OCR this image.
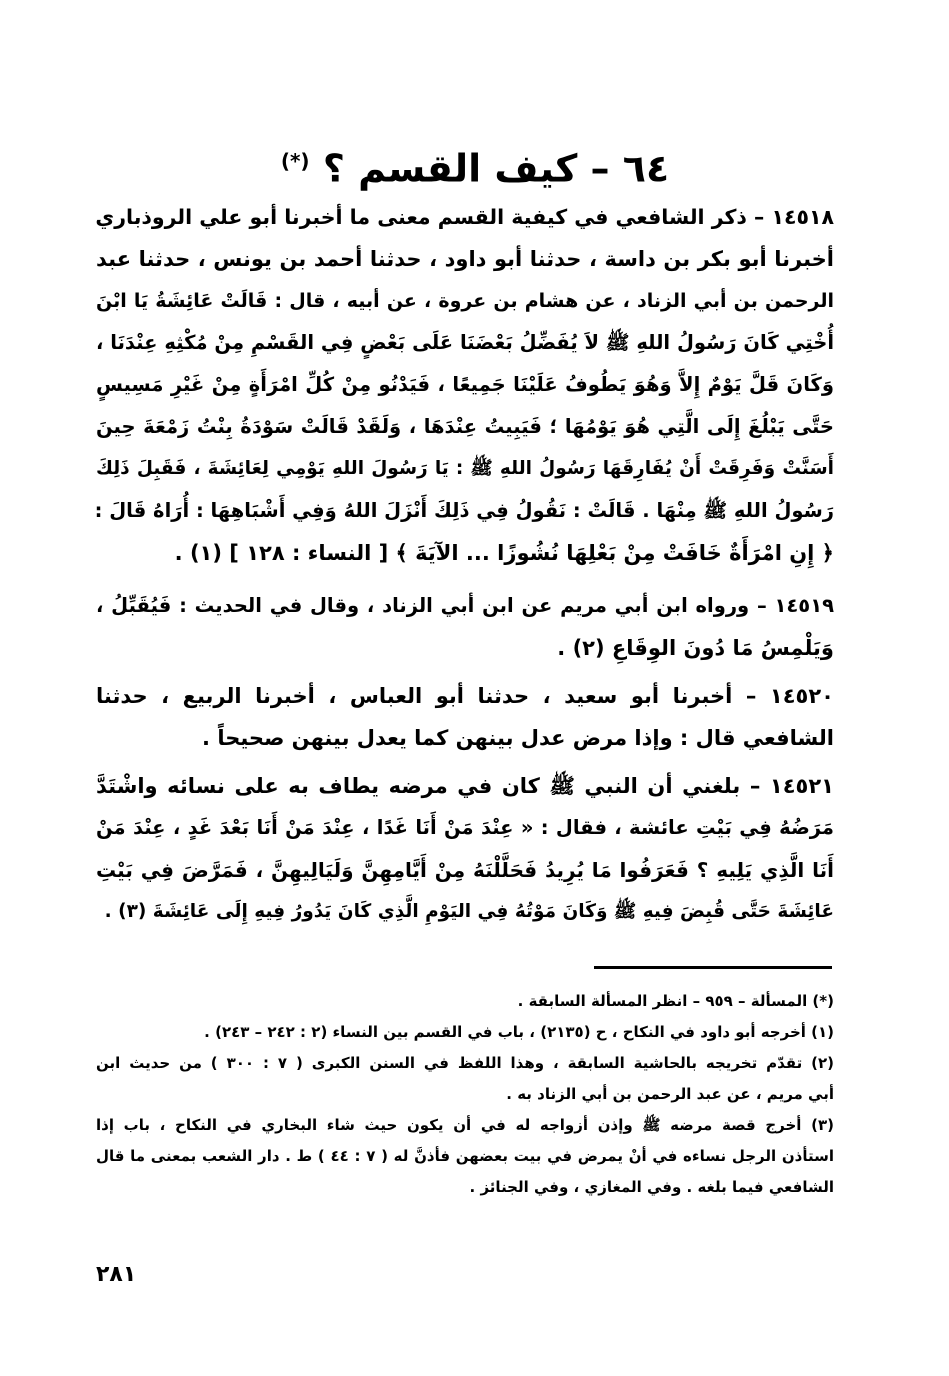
٦٤ – كيف القسم ؟ (*)
١٤٥١٨ – ذكر الشافعي في كيفية القسم معنى ما أخبرنا أبو علي الروذباري
أخبرنا أبو بكر بن داسة ، حدثنا أبو داود ، حدثنا أحمد بن يونس ، حدثنا عبد
الرحمن بن أبي الزناد ، عن هشام بن عروة ، عن أبيه ، قال : قَالَتْ عَائِشَةُ يَا ابْنَ
أُخْتِي كَانَ رَسُولُ اللهِ ﷺ لاَ يُفَضِّلُ بَعْضَنَا عَلَى بَعْضٍ فِي القَسْمِ مِنْ مُكْثِهِ عِنْدَنَا ،
وَكَانَ قَلَّ يَوْمٌ إِلاَّ وَهُوَ يَطُوفُ عَلَيْنَا جَمِيعًا ، فَيَدْنُو مِنْ كُلِّ امْرَأَةٍ مِنْ غَيْرِ مَسِيسٍ
حَتَّى يَبْلُغَ إِلَى الَّتِي هُوَ يَوْمُهَا ؛ فَيَبِيتُ عِنْدَهَا ، وَلَقَدْ قَالَتْ سَوْدَةُ بِنْتُ زَمْعَةَ حِينَ
أَسَنَّتْ وَفَرِقَتْ أَنْ يُفَارِقَهَا رَسُولُ اللهِ ﷺ : يَا رَسُولَ اللهِ يَوْمِي لِعَائِشَةَ ، فَقَبِلَ ذَلِكَ
رَسُولُ اللهِ ﷺ مِنْهَا . قَالَتْ : نَقُولُ فِي ذَلِكَ أَنْزَلَ اللهُ وَفِي أَشْبَاهِهَا : أُرَاهُ قَالَ :
﴿ إِنِ امْرَأَةٌ خَافَتْ مِنْ بَعْلِهَا نُشُوزًا ... الآيَةَ ﴾ [ النساء : ١٢٨ ] (١) .
١٤٥١٩ – ورواه ابن أبي مريم عن ابن أبي الزناد ، وقال في الحديث : فَيُقَبِّلُ ،
وَيَلْمِسُ مَا دُونَ الوِقَاعِ (٢) .
١٤٥٢٠ – أخبرنا أبو سعيد ، حدثنا أبو العباس ، أخبرنا الربيع ، حدثنا
الشافعي قال : وإذا مرض عدل بينهن كما يعدل بينهن صحيحاً .
١٤٥٢١ – بلغني أن النبي ﷺ كان في مرضه يطاف به على نسائه واشْتَدَّ
مَرَضُهُ فِي بَيْتِ عائشة ، فقال : « عِنْدَ مَنْ أَنَا غَدًا ، عِنْدَ مَنْ أَنَا بَعْدَ غَدٍ ، عِنْدَ مَنْ
أَنَا الَّذِي يَلِيهِ ؟ فَعَرَفُوا مَا يُرِيدُ فَحَلَّلْنَهُ مِنْ أَيَّامِهِنَّ وَلَيَالِيهِنَّ ، فَمَرَّضَ فِي بَيْتِ
عَائِشَةَ حَتَّى قُبِضَ فِيهِ ﷺ وَكَانَ مَوْتُهُ فِي اليَوْمِ الَّذِي كَانَ يَدُورُ فِيهِ إِلَى عَائِشَةَ (٣) .
(*) المسألة – ٩٥٩ – انظر المسألة السابقة .
(١) أخرجه أبو داود في النكاح ، ح (٢١٣٥) ، باب في القسم بين النساء (٢ : ٢٤٢ – ٢٤٣) .
(٢) تقدّم تخريجه بالحاشية السابقة ، وهذا اللفظ في السنن الكبرى ( ٧ : ٣٠٠ ) من حديث ابن
أبي مريم ، عن عبد الرحمن بن أبي الزناد به .
(٣) أخرج قصة مرضه ﷺ وإذن أزواجه له في أن يكون حيث شاء البخاري في النكاح ، باب إذا
استأذن الرجل نساءه في أنْ يمرض في بيت بعضهن فأذنَّ له ( ٧ : ٤٤ ) ط . دار الشعب بمعنى ما قال
الشافعي فيما بلغه . وفي المغازي ، وفي الجنائز .
٢٨١
